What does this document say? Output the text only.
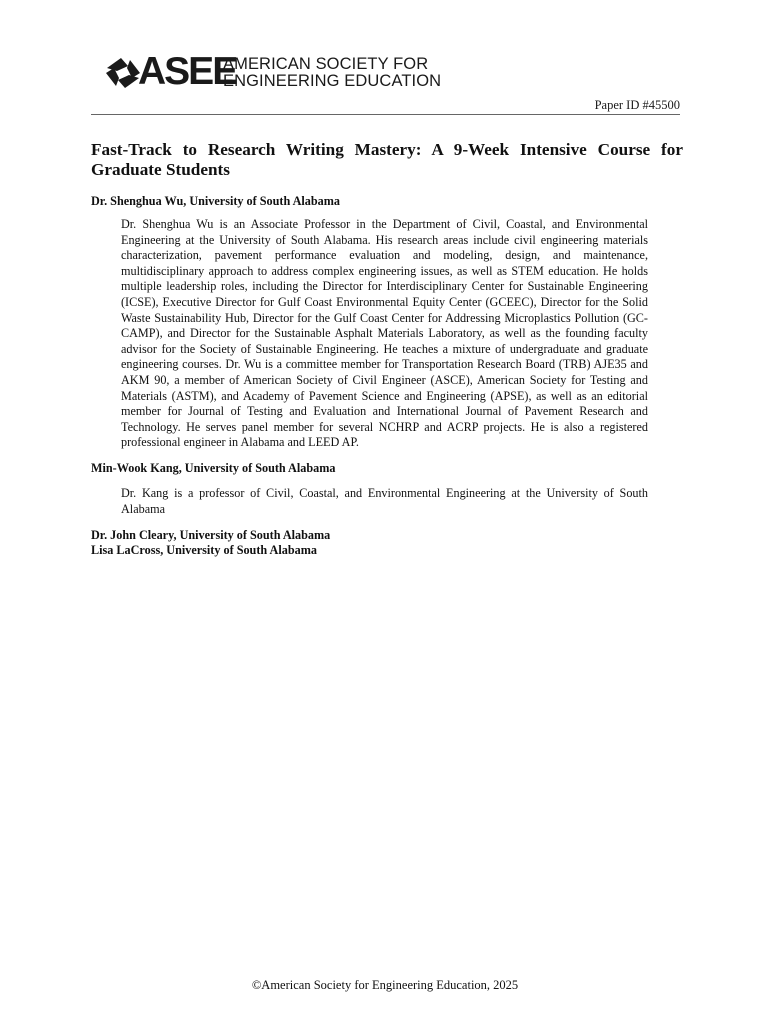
ASEE
AMERICAN SOCIETY FOR
ENGINEERING EDUCATION
Paper ID #45500
Fast-Track to Research Writing Mastery: A 9-Week Intensive Course for Graduate Students

Dr. Shenghua Wu, University of South Alabama

Dr. Shenghua Wu is an Associate Professor in the Department of Civil, Coastal, and Environmental Engineering at the University of South Alabama. His research areas include civil engineering materials characterization, pavement performance evaluation and modeling, design, and maintenance, multidisciplinary approach to address complex engineering issues, as well as STEM education. He holds multiple leadership roles, including the Director for Interdisciplinary Center for Sustainable Engineering (ICSE), Executive Director for Gulf Coast Environmental Equity Center (GCEEC), Director for the Solid Waste Sustainability Hub, Director for the Gulf Coast Center for Addressing Microplastics Pollution (GC-CAMP), and Director for the Sustainable Asphalt Materials Laboratory, as well as the founding faculty advisor for the Society of Sustainable Engineering. He teaches a mixture of undergraduate and graduate engineering courses. Dr. Wu is a committee member for Transportation Research Board (TRB) AJE35 and AKM 90, a member of American Society of Civil Engineer (ASCE), American Society for Testing and Materials (ASTM), and Academy of Pavement Science and Engineering (APSE), as well as an editorial member for Journal of Testing and Evaluation and International Journal of Pavement Research and Technology. He serves panel member for several NCHRP and ACRP projects. He is also a registered professional engineer in Alabama and LEED AP.

Min-Wook Kang, University of South Alabama

Dr. Kang is a professor of Civil, Coastal, and Environmental Engineering at the University of South Alabama

Dr. John Cleary, University of South Alabama

Lisa LaCross, University of South Alabama

©American Society for Engineering Education, 2025
